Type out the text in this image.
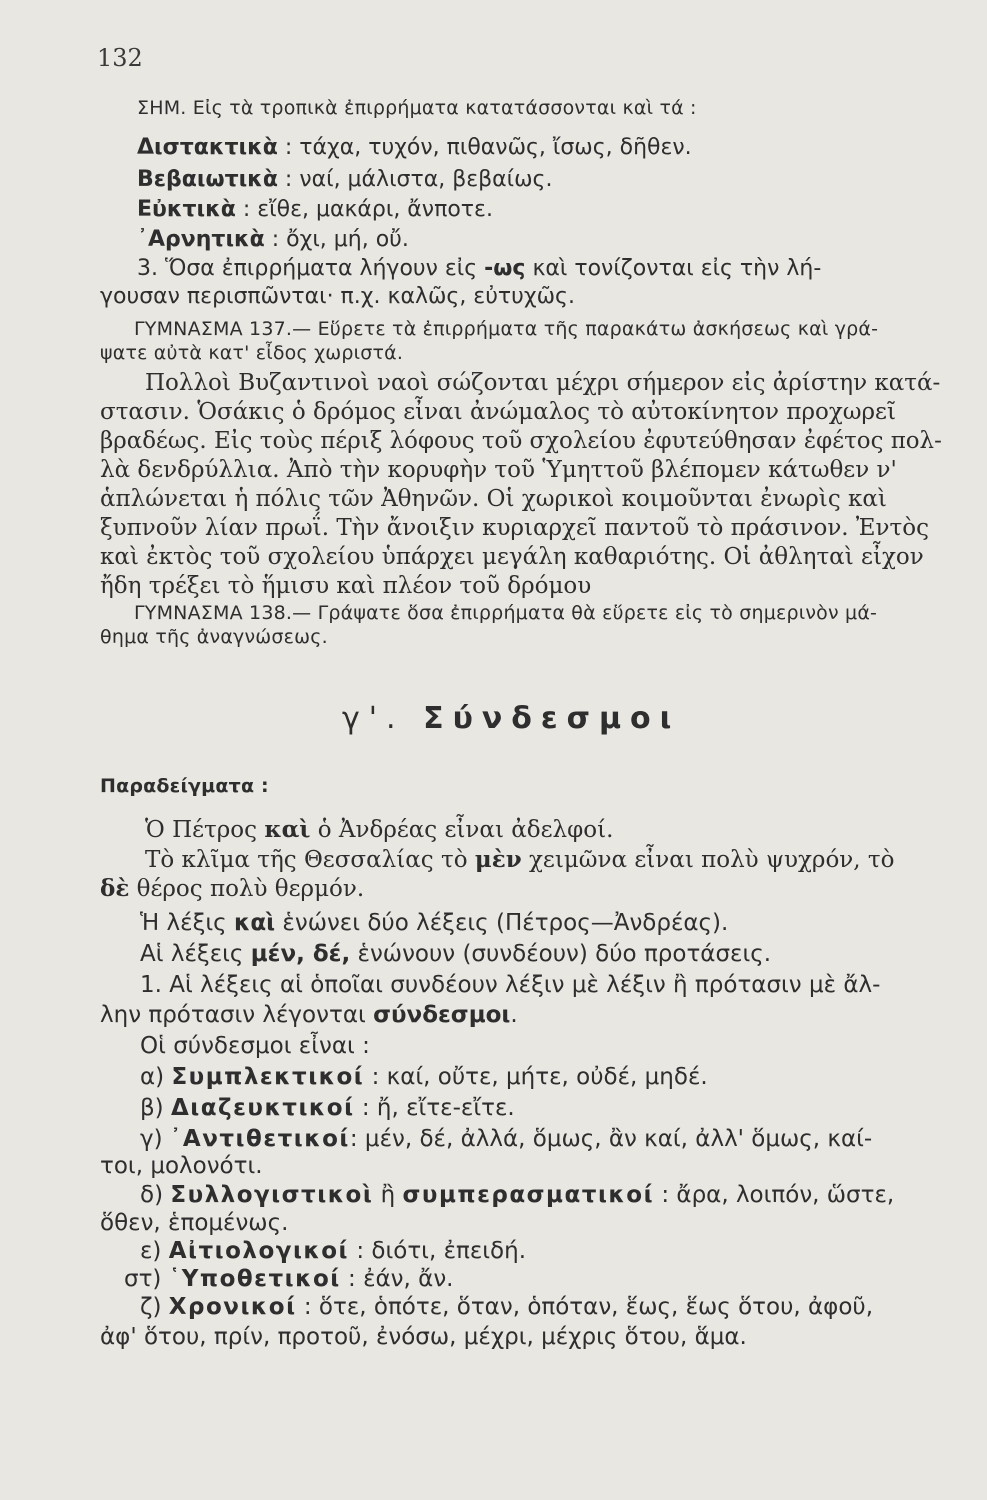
132
ΣΗΜ. Εἰς τὰ τροπικὰ ἐπιρρήματα κατατάσσονται καὶ τά :
Διστακτικὰ : τάχα, τυχόν, πιθανῶς, ἴσως, δῆθεν.
Βεβαιωτικὰ : ναί, μάλιστα, βεβαίως.
Εὐκτικὰ : εἴθε, μακάρι, ἄνποτε.
᾿Αρνητικὰ : ὄχι, μή, οὔ.
3. Ὅσα ἐπιρρήματα λήγουν εἰς -ως καὶ τονίζονται εἰς τὴν λή-
γουσαν περισπῶνται· π.χ. καλῶς, εὐτυχῶς.
ΓΥΜΝΑΣΜΑ 137.— Εὕρετε τὰ ἐπιρρήματα τῆς παρακάτω ἀσκήσεως καὶ γρά-
ψατε αὐτὰ κατ' εἶδος χωριστά.
Πολλοὶ Βυζαντινοὶ ναοὶ σώζονται μέχρι σήμερον εἰς ἀρίστην κατά-
στασιν. Ὁσάκις ὁ δρόμος εἶναι ἀνώμαλος τὸ αὐτοκίνητον προχωρεῖ
βραδέως. Εἰς τοὺς πέριξ λόφους τοῦ σχολείου ἐφυτεύθησαν ἐφέτος πολ-
λὰ δενδρύλλια. Ἀπὸ τὴν κορυφὴν τοῦ Ὑμηττοῦ βλέπομεν κάτωθεν ν'
ἁπλώνεται ἡ πόλις τῶν Ἀθηνῶν. Οἱ χωρικοὶ κοιμοῦνται ἐνωρὶς καὶ
ξυπνοῦν λίαν πρωΐ. Τὴν ἄνοιξιν κυριαρχεῖ παντοῦ τὸ πράσινον. Ἐντὸς
καὶ ἐκτὸς τοῦ σχολείου ὑπάρχει μεγάλη καθαριότης. Οἱ ἀθληταὶ εἶχον
ἤδη τρέξει τὸ ἥμισυ καὶ πλέον τοῦ δρόμου
ΓΥΜΝΑΣΜΑ 138.— Γράψατε ὅσα ἐπιρρήματα θὰ εὕρετε εἰς τὸ σημερινὸν μά-
θημα τῆς ἀναγνώσεως.
γ'. Σύνδεσμοι
Παραδείγματα :
Ὁ Πέτρος καὶ ὁ Ἀνδρέας εἶναι ἀδελφοί.
Τὸ κλῖμα τῆς Θεσσαλίας τὸ μὲν χειμῶνα εἶναι πολὺ ψυχρόν, τὸ
δὲ θέρος πολὺ θερμόν.
Ἡ λέξις καὶ ἑνώνει δύο λέξεις (Πέτρος—Ἀνδρέας).
Αἱ λέξεις μέν, δέ, ἑνώνουν (συνδέουν) δύο προτάσεις.
1. Αἱ λέξεις αἱ ὁποῖαι συνδέουν λέξιν μὲ λέξιν ἢ πρότασιν μὲ ἄλ-
λην πρότασιν λέγονται σύνδεσμοι.
Οἱ σύνδεσμοι εἶναι :
α) Συμπλεκτικοί : καί, οὔτε, μήτε, οὐδέ, μηδέ.
β) Διαζευκτικοί : ἤ, εἴτε-εἴτε.
γ) ᾿Αντιθετικοί: μέν, δέ, ἀλλά, ὅμως, ἂν καί, ἀλλ' ὅμως, καί-
τοι, μολονότι.
δ) Συλλογιστικοὶ ἢ συμπερασματικοί : ἄρα, λοιπόν, ὥστε,
ὅθεν, ἑπομένως.
ε) Αἰτιολογικοί : διότι, ἐπειδή.
στ) ῾Υποθετικοί : ἐάν, ἄν.
ζ) Χρονικοί : ὅτε, ὁπότε, ὅταν, ὁπόταν, ἕως, ἕως ὅτου, ἀφοῦ,
ἀφ' ὅτου, πρίν, προτοῦ, ἐνόσω, μέχρι, μέχρις ὅτου, ἅμα.
